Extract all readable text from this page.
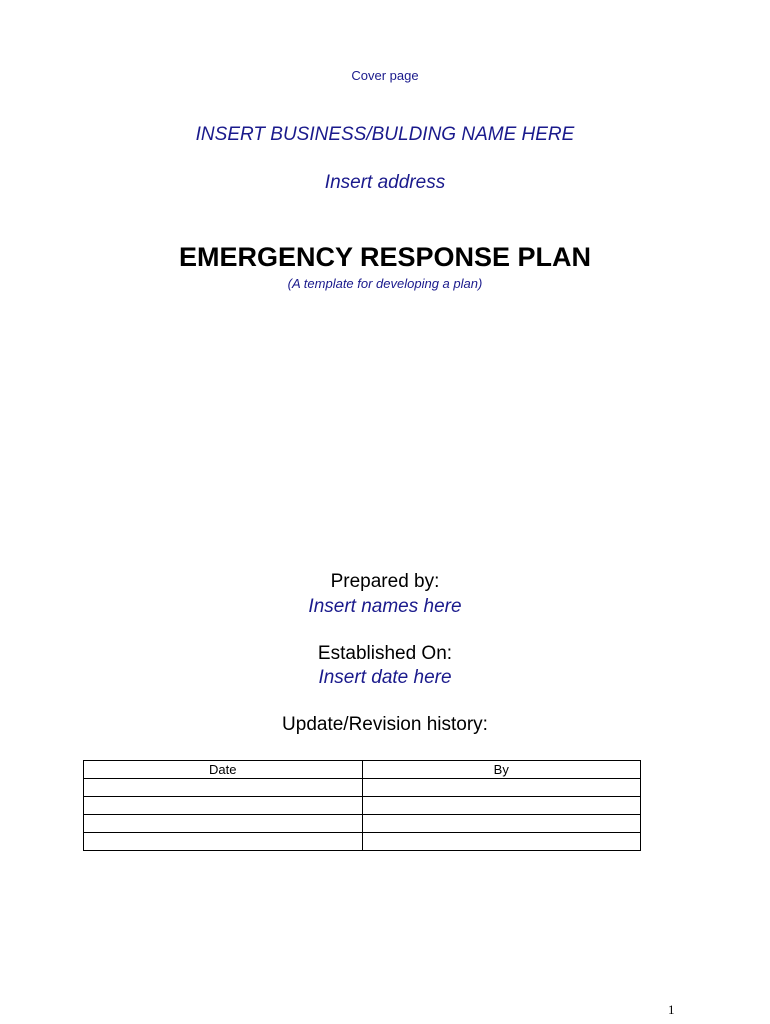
Cover page
INSERT BUSINESS/BULDING NAME HERE
Insert address
EMERGENCY RESPONSE PLAN
(A template for developing a plan)
Prepared by:
Insert names here
Established On:
Insert date here
Update/Revision history:
Date	By

1
